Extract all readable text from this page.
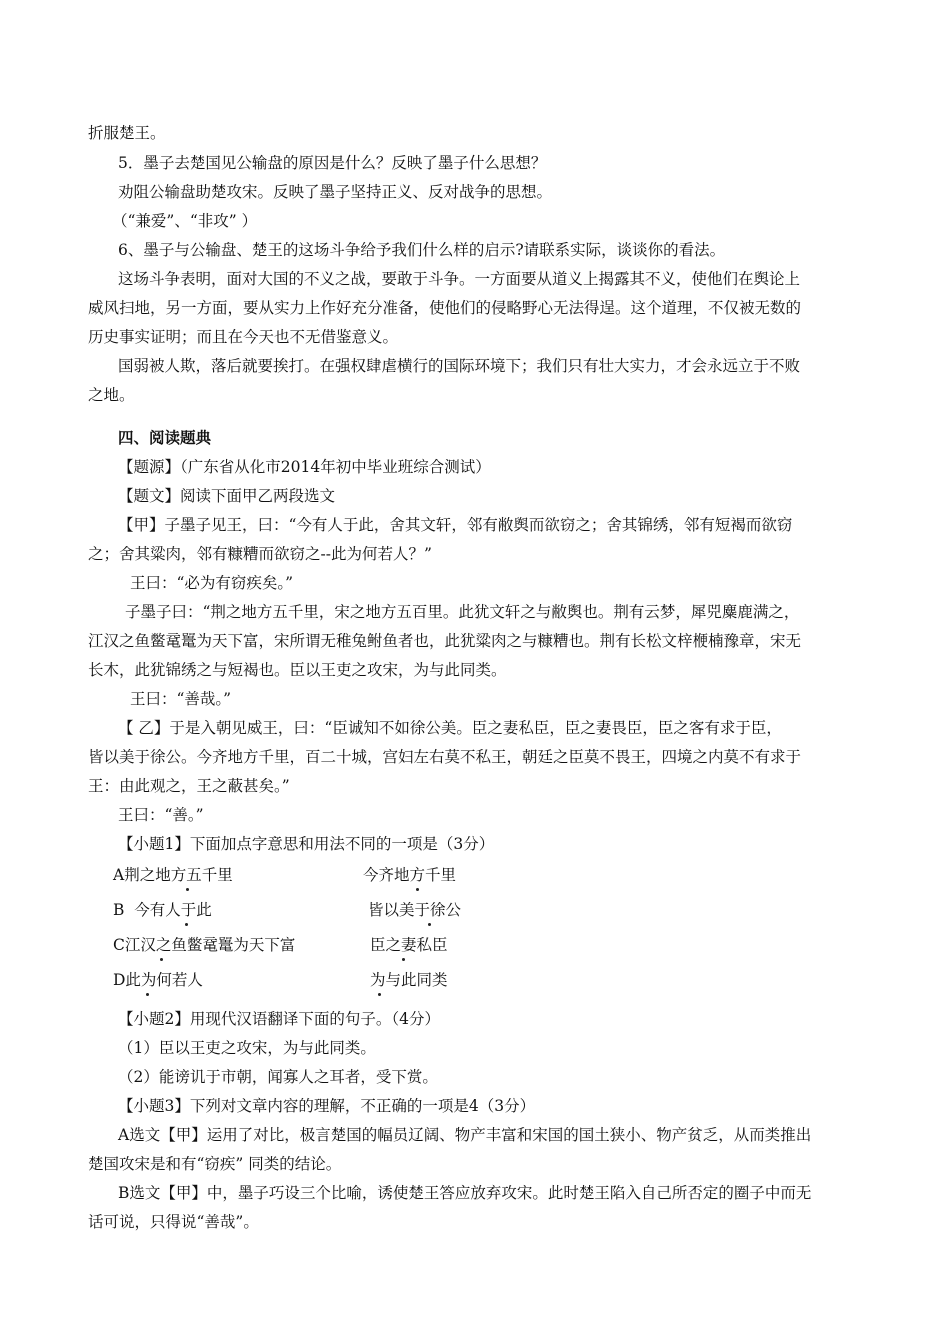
折服楚王。
5．墨子去楚国见公输盘的原因是什么？反映了墨子什么思想？
劝阻公输盘助楚攻宋。反映了墨子坚持正义、反对战争的思想。
（“兼爱”、“非攻” ）
6、墨子与公输盘、楚王的这场斗争给予我们什么样的启示?请联系实际，谈谈你的看法。
这场斗争表明，面对大国的不义之战，要敢于斗争。一方面要从道义上揭露其不义，使他们在舆论上
威风扫地，另一方面，要从实力上作好充分准备，使他们的侵略野心无法得逞。这个道理，不仅被无数的
历史事实证明；而且在今天也不无借鉴意义。
国弱被人欺，落后就要挨打。在强权肆虐横行的国际环境下；我们只有壮大实力，才会永远立于不败
之地。
四、阅读题典
【题源】（广东省从化市2014年初中毕业班综合测试）
【题文】阅读下面甲乙两段选文
【甲】子墨子见王，曰：“今有人于此，舍其文轩，邻有敝舆而欲窃之；舍其锦绣，邻有短褐而欲窃
之；舍其粱肉，邻有糠糟而欲窃之--此为何若人？”
王曰：“必为有窃疾矣。”
子墨子曰：“荆之地方五千里，宋之地方五百里。此犹文轩之与敝舆也。荆有云梦，犀兕麋鹿满之，
江汉之鱼鳖鼋鼍为天下富，宋所谓无稚兔鲋鱼者也，此犹粱肉之与糠糟也。荆有长松文梓楩楠豫章，宋无
长木，此犹锦绣之与短褐也。臣以王吏之攻宋，为与此同类。
王曰：“善哉。”
【 乙】于是入朝见威王，曰：“臣诚知不如徐公美。臣之妻私臣，臣之妻畏臣，臣之客有求于臣，
皆以美于徐公。今齐地方千里，百二十城，宫妇左右莫不私王，朝廷之臣莫不畏王，四境之内莫不有求于
王：由此观之，王之蔽甚矣。”
王曰：“善。”
【小题1】下面加点字意思和用法不同的一项是（3分）
A荆之地方五千里	今齐地方千里
B  今有人于此	皆以美于徐公
C江汉之鱼鳖鼋鼍为天下富	臣之妻私臣
D此为何若人	为与此同类
【小题2】用现代汉语翻译下面的句子。（4分）
（1）臣以王吏之攻宋，为与此同类。
（2）能谤讥于市朝，闻寡人之耳者，受下赏。
【小题3】下列对文章内容的理解，不正确的一项是4（3分）
A选文【甲】运用了对比，极言楚国的幅员辽阔、物产丰富和宋国的国土狭小、物产贫乏，从而类推出
楚国攻宋是和有“窃疾” 同类的结论。
B选文【甲】中，墨子巧设三个比喻，诱使楚王答应放弃攻宋。此时楚王陷入自己所否定的圈子中而无
话可说，只得说“善哉”。
